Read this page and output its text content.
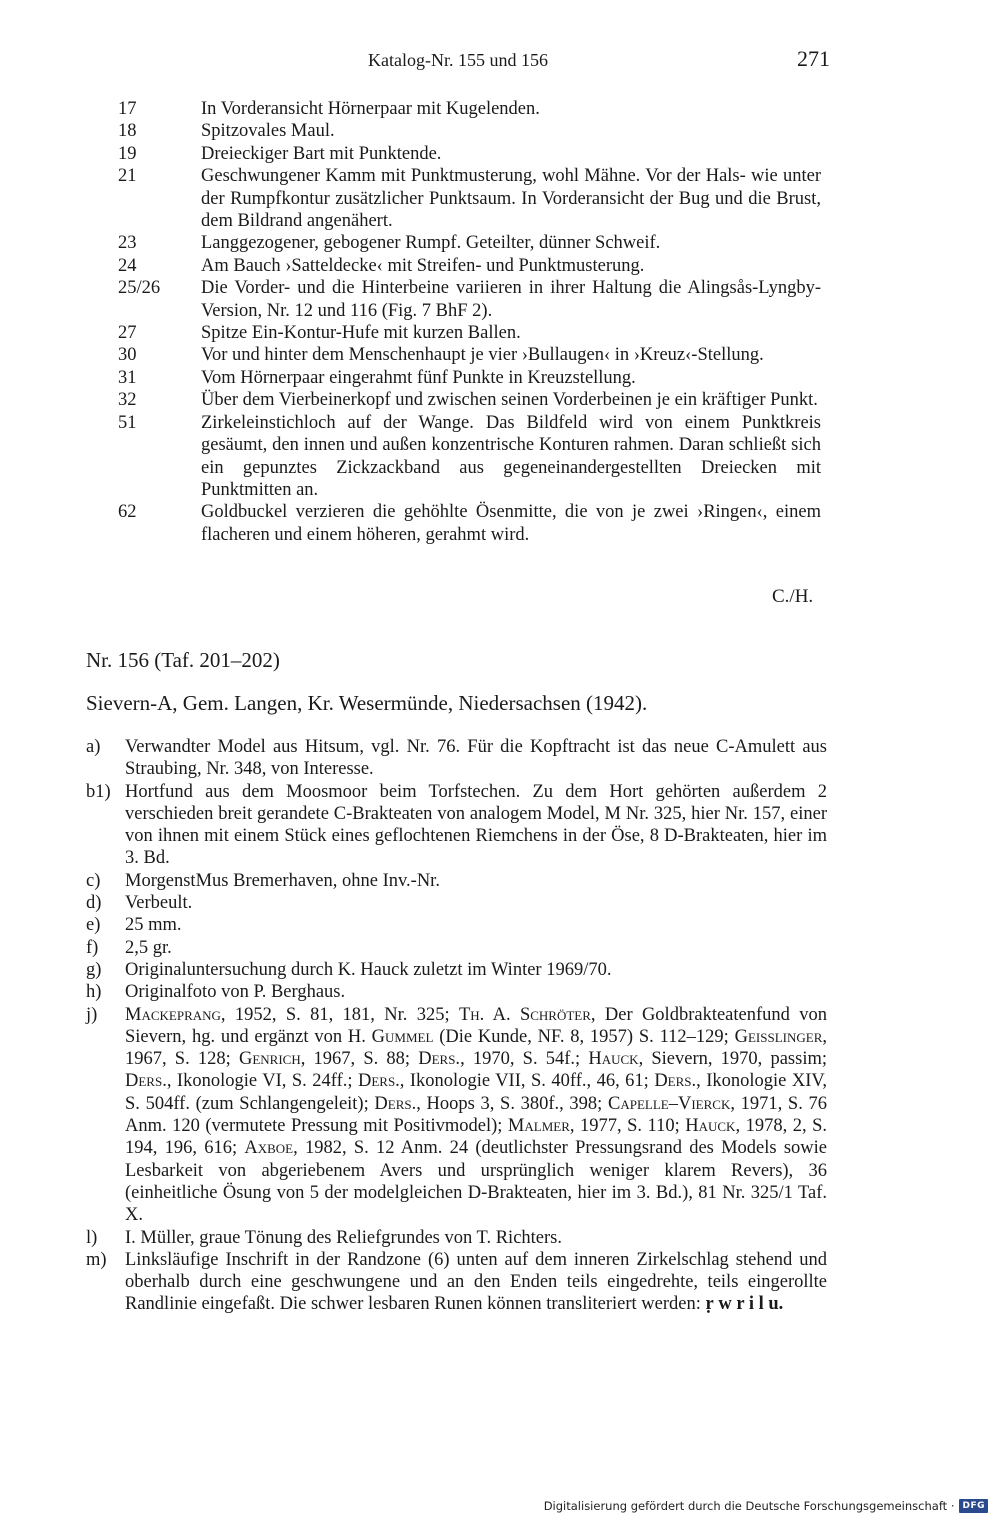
Katalog-Nr. 155 und 156	271
17	In Vorderansicht Hörnerpaar mit Kugelenden.
18	Spitzovales Maul.
19	Dreieckiger Bart mit Punktende.
21	Geschwungener Kamm mit Punktmusterung, wohl Mähne. Vor der Hals- wie unter der Rumpfkontur zusätzlicher Punktsaum. In Vorderansicht der Bug und die Brust, dem Bildrand angenähert.
23	Langgezogener, gebogener Rumpf. Geteilter, dünner Schweif.
24	Am Bauch ›Satteldecke‹ mit Streifen- und Punktmusterung.
25/26	Die Vorder- und die Hinterbeine variieren in ihrer Haltung die Alingsås-Lyngby-Version, Nr. 12 und 116 (Fig. 7 BhF 2).
27	Spitze Ein-Kontur-Hufe mit kurzen Ballen.
30	Vor und hinter dem Menschenhaupt je vier ›Bullaugen‹ in ›Kreuz‹-Stellung.
31	Vom Hörnerpaar eingerahmt fünf Punkte in Kreuzstellung.
32	Über dem Vierbeinerkopf und zwischen seinen Vorderbeinen je ein kräftiger Punkt.
51	Zirkeleinstichloch auf der Wange. Das Bildfeld wird von einem Punktkreis gesäumt, den innen und außen konzentrische Konturen rahmen. Daran schließt sich ein gepunztes Zickzackband aus gegeneinandergestellten Dreiecken mit Punktmitten an.
62	Goldbuckel verzieren die gehöhlte Ösenmitte, die von je zwei ›Ringen‹, einem flacheren und einem höheren, gerahmt wird.
C./H.
Nr. 156 (Taf. 201–202)
Sievern-A, Gem. Langen, Kr. Wesermünde, Niedersachsen (1942).
a)	Verwandter Model aus Hitsum, vgl. Nr. 76. Für die Kopftracht ist das neue C-Amulett aus Straubing, Nr. 348, von Interesse.
b1) Hortfund aus dem Moosmoor beim Torfstechen. Zu dem Hort gehörten außerdem 2 verschieden breit gerandete C-Brakteaten von analogem Model, M Nr. 325, hier Nr. 157, einer von ihnen mit einem Stück eines geflochtenen Riemchens in der Öse, 8 D-Brakteaten, hier im 3. Bd.
c)	MorgenstMus Bremerhaven, ohne Inv.-Nr.
d)	Verbeult.
e)	25 mm.
f)	2,5 gr.
g)	Originaluntersuchung durch K. Hauck zuletzt im Winter 1969/70.
h)	Originalfoto von P. Berghaus.
j)	Mackeprang, 1952, S. 81, 181, Nr. 325; Th. A. Schröter, Der Goldbrakteatenfund von Sievern, hg. und ergänzt von H. Gummel (Die Kunde, NF. 8, 1957) S. 112–129; Geisslinger, 1967, S. 128; Genrich, 1967, S. 88; Ders., 1970, S. 54f.; Hauck, Sievern, 1970, passim; Ders., Ikonologie VI, S. 24ff.; Ders., Ikonologie VII, S. 40ff., 46, 61; Ders., Ikonologie XIV, S. 504ff. (zum Schlangengeleit); Ders., Hoops 3, S. 380f., 398; Capelle–Vierck, 1971, S. 76 Anm. 120 (vermutete Pressung mit Positivmodel); Malmer, 1977, S. 110; Hauck, 1978, 2, S. 194, 196, 616; Axboe, 1982, S. 12 Anm. 24 (deutlichster Pressungsrand des Models sowie Lesbarkeit von abgeriebenem Avers und ursprünglich weniger klarem Revers), 36 (einheitliche Ösung von 5 der modelgleichen D-Brakteaten, hier im 3. Bd.), 81 Nr. 325/1 Taf. X.
l)	I. Müller, graue Tönung des Reliefgrundes von T. Richters.
m) Linksläufige Inschrift in der Randzone (6) unten auf dem inneren Zirkelschlag stehend und oberhalb durch eine geschwungene und an den Enden teils eingedrehte, teils eingerollte Randlinie eingefaßt. Die schwer lesbaren Runen können transliteriert werden: ṛ w r i l u.
Digitalisierung gefördert durch die Deutsche Forschungsgemeinschaft · DFG
